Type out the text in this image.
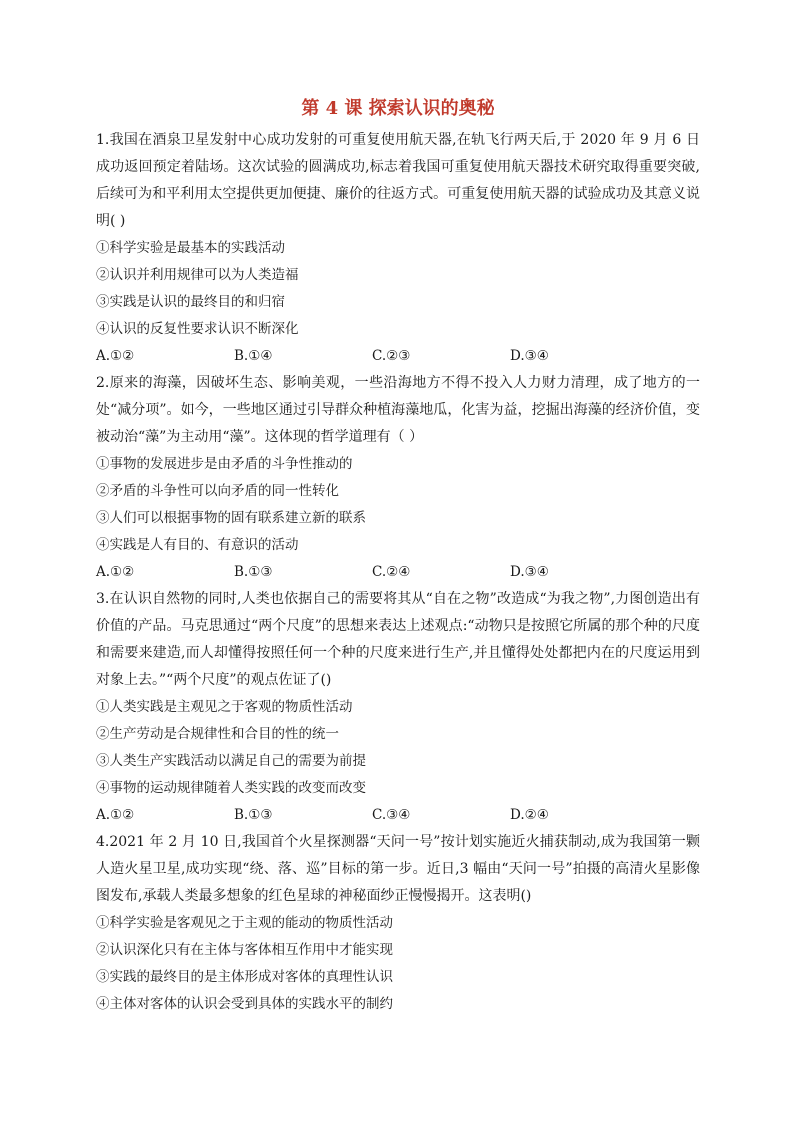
第 4 课 探索认识的奥秘

1.我国在酒泉卫星发射中心成功发射的可重复使用航天器,在轨飞行两天后,于 2020 年 9 月 6 日成功返回预定着陆场。这次试验的圆满成功,标志着我国可重复使用航天器技术研究取得重要突破,后续可为和平利用太空提供更加便捷、廉价的往返方式。可重复使用航天器的试验成功及其意义说明( )

①科学实验是最基本的实践活动

②认识并利用规律可以为人类造福

③实践是认识的最终目的和归宿

④认识的反复性要求认识不断深化

A.①②	B.①④	C.②③	D.③④

2.原来的海藻，因破坏生态、影响美观，一些沿海地方不得不投入人力财力清理，成了地方的一处“减分项”。如今，一些地区通过引导群众种植海藻地瓜，化害为益，挖掘出海藻的经济价值，变被动治“藻”为主动用“藻”。这体现的哲学道理有（ ）

①事物的发展进步是由矛盾的斗争性推动的

②矛盾的斗争性可以向矛盾的同一性转化

③人们可以根据事物的固有联系建立新的联系

④实践是人有目的、有意识的活动

A.①②	B.①③	C.②④	D.③④

3.在认识自然物的同时,人类也依据自己的需要将其从“自在之物”改造成“为我之物”,力图创造出有价值的产品。马克思通过“两个尺度”的思想来表达上述观点:“动物只是按照它所属的那个种的尺度和需要来建造,而人却懂得按照任何一个种的尺度来进行生产,并且懂得处处都把内在的尺度运用到对象上去。”“两个尺度”的观点佐证了()

①人类实践是主观见之于客观的物质性活动

②生产劳动是合规律性和合目的性的统一

③人类生产实践活动以满足自己的需要为前提

④事物的运动规律随着人类实践的改变而改变

A.①②	B.①③	C.③④	D.②④

4.2021 年 2 月 10 日,我国首个火星探测器“天问一号”按计划实施近火捕获制动,成为我国第一颗人造火星卫星,成功实现“绕、落、巡”目标的第一步。近日,3 幅由“天问一号”拍摄的高清火星影像图发布,承载人类最多想象的红色星球的神秘面纱正慢慢揭开。这表明()

①科学实验是客观见之于主观的能动的物质性活动

②认识深化只有在主体与客体相互作用中才能实现

③实践的最终目的是主体形成对客体的真理性认识

④主体对客体的认识会受到具体的实践水平的制约
